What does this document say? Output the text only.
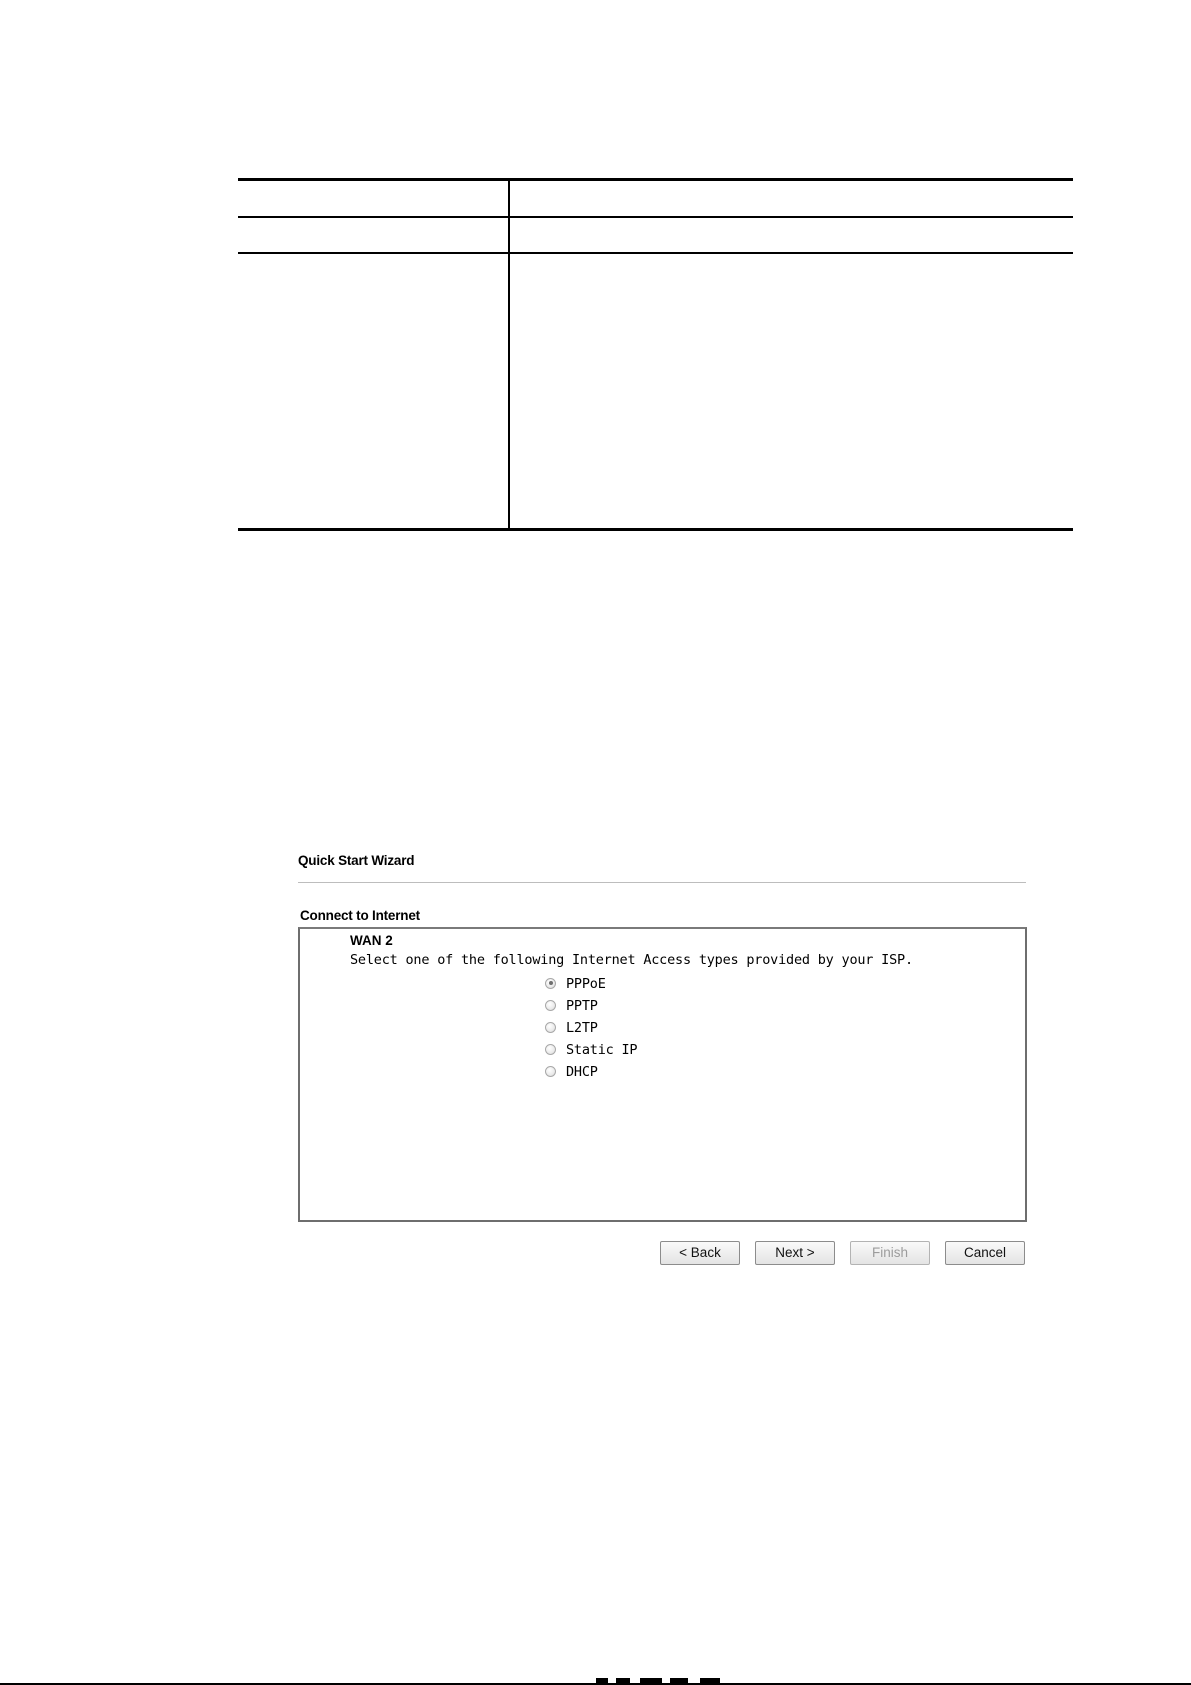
Quick Start Wizard
Connect to Internet
WAN 2
Select one of the following Internet Access types provided by your ISP.
PPPoE
PPTP
L2TP
Static IP
DHCP
< Back	Next >	Finish	Cancel
